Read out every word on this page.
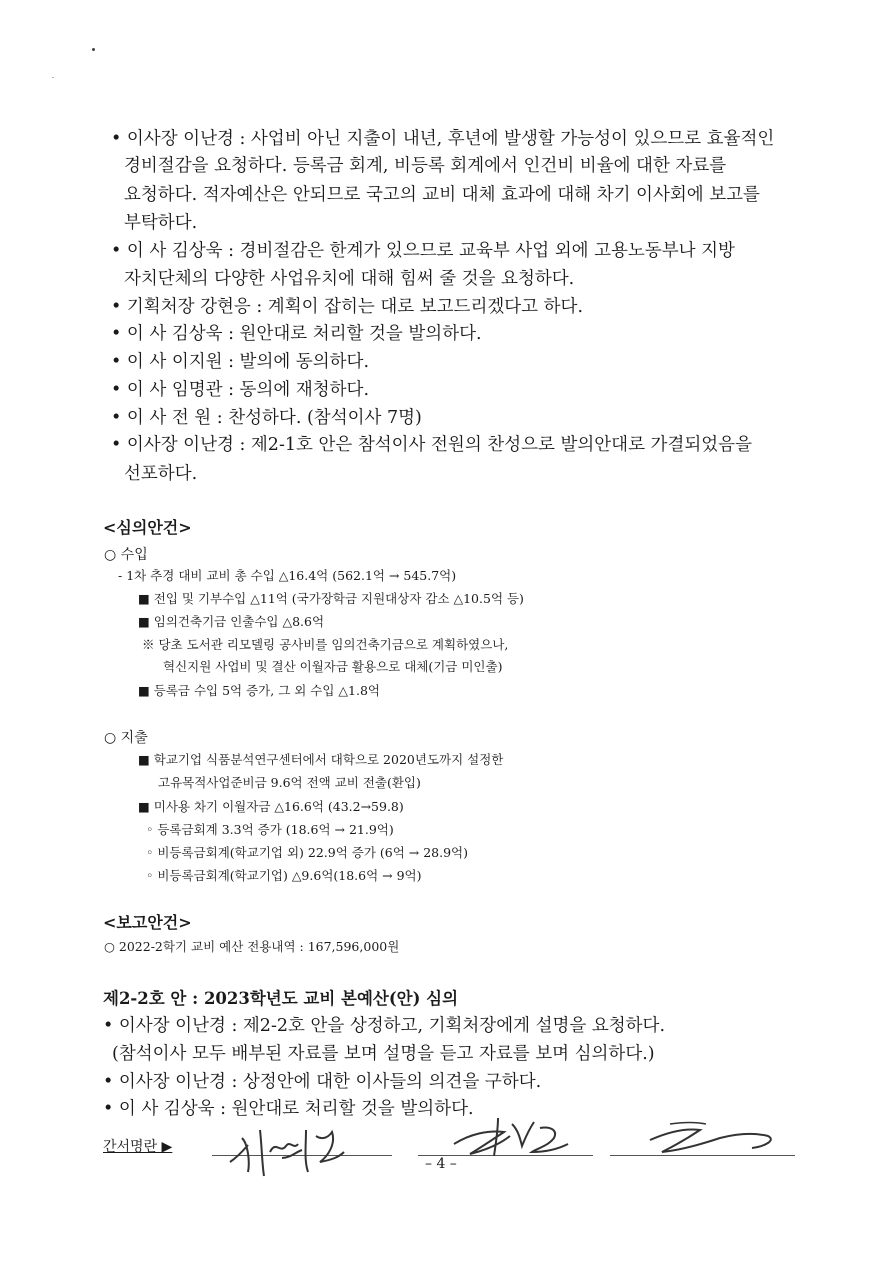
• 이사장 이난경 : 사업비 아닌 지출이 내년, 후년에 발생할 가능성이 있으므로 효율적인
경비절감을 요청하다. 등록금 회계, 비등록 회계에서 인건비 비율에 대한 자료를
요청하다. 적자예산은 안되므로 국고의 교비 대체 효과에 대해 차기 이사회에 보고를
부탁하다.
• 이 사 김상욱 : 경비절감은 한계가 있으므로 교육부 사업 외에 고용노동부나 지방
자치단체의 다양한 사업유치에 대해 힘써 줄 것을 요청하다.
• 기획처장 강현응 : 계획이 잡히는 대로 보고드리겠다고 하다.
• 이 사 김상욱 : 원안대로 처리할 것을 발의하다.
• 이 사 이지원 : 발의에 동의하다.
• 이 사 임명관 : 동의에 재청하다.
• 이 사 전 원 : 찬성하다. (참석이사 7명)
• 이사장 이난경 : 제2-1호 안은 참석이사 전원의 찬성으로 발의안대로 가결되었음을
선포하다.
<심의안건>
○ 수입
- 1차 추경 대비 교비 총 수입 △16.4억 (562.1억 → 545.7억)
■ 전입 및 기부수입 △11억 (국가장학금 지원대상자 감소 △10.5억 등)
■ 임의건축기금 인출수입 △8.6억
※ 당초 도서관 리모델링 공사비를 임의건축기금으로 계획하였으나,
혁신지원 사업비 및 결산 이월자금 활용으로 대체(기금 미인출)
■ 등록금 수입 5억 증가, 그 외 수입 △1.8억
○ 지출
■ 학교기업 식품분석연구센터에서 대학으로 2020년도까지 설정한
고유목적사업준비금 9.6억 전액 교비 전출(환입)
■ 미사용 차기 이월자금 △16.6억 (43.2→59.8)
◦ 등록금회계 3.3억 증가 (18.6억 → 21.9억)
◦ 비등록금회계(학교기업 외) 22.9억 증가 (6억 → 28.9억)
◦ 비등록금회계(학교기업) △9.6억(18.6억 → 9억)
<보고안건>
○ 2022-2학기 교비 예산 전용내역 : 167,596,000원
제2-2호 안 : 2023학년도 교비 본예산(안) 심의
• 이사장 이난경 : 제2-2호 안을 상정하고, 기획처장에게 설명을 요청하다.
(참석이사 모두 배부된 자료를 보며 설명을 듣고 자료를 보며 심의하다.)
• 이사장 이난경 : 상정안에 대한 이사들의 의견을 구하다.
• 이 사 김상욱 : 원안대로 처리할 것을 발의하다.
간서명란 ▶
– 4 –
